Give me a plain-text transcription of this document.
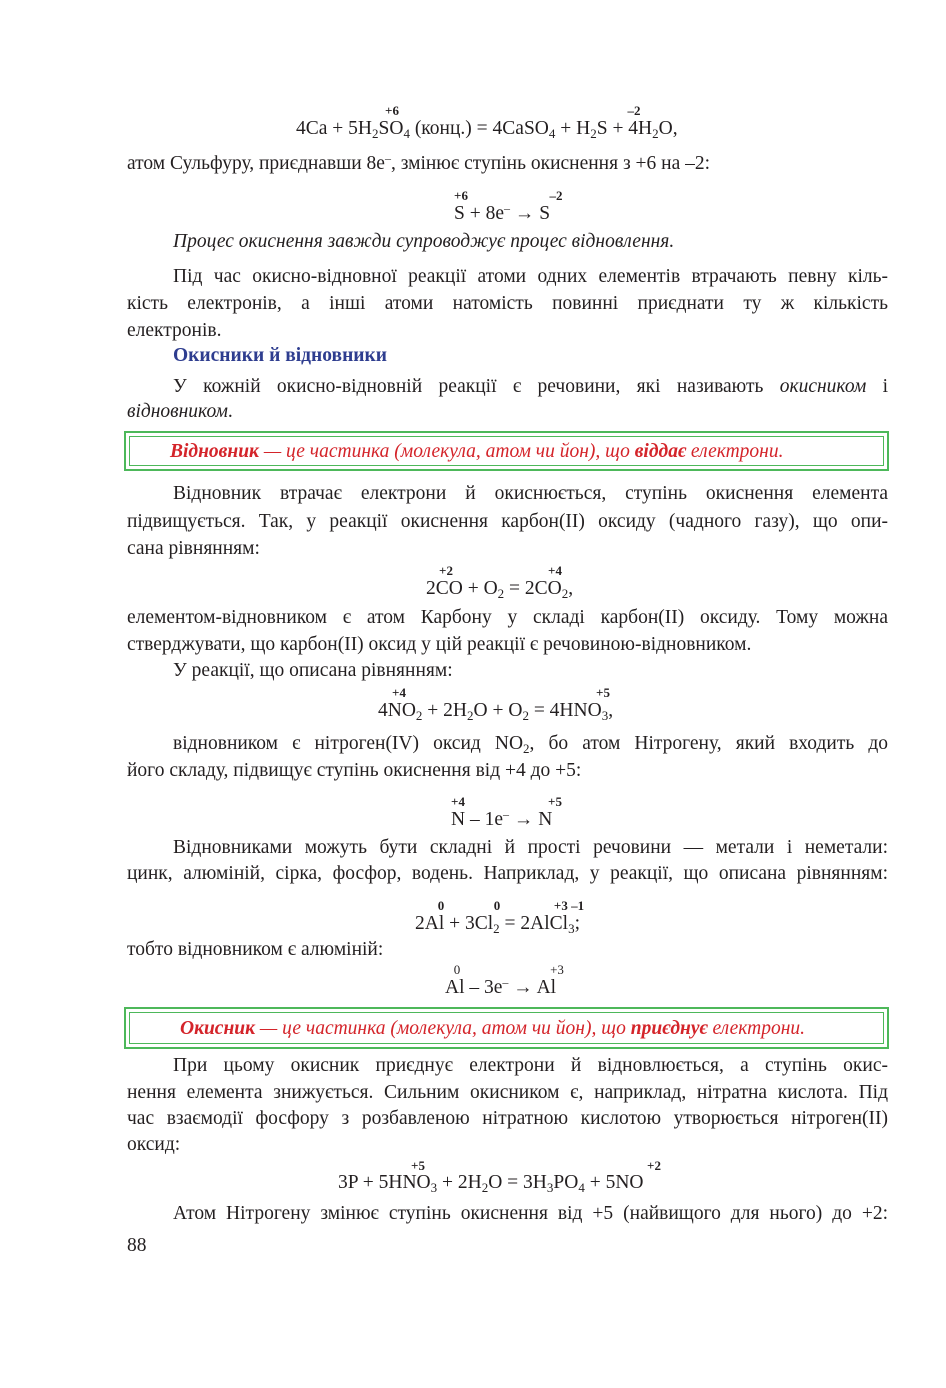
+6	–2
$4Ca + 5H_2SO_4$ (конц.) = 4CaSO$_4$ + $H_2S + 4H_2O$,
атом Сульфуру, приєднавши 8е–, змінює ступінь окиснення з +6 на –2:
+6	–2
S + 8e– → S
Процес окиснення завжди супроводжує процес відновлення.
Під час окисно-відновної реакції атоми одних елементів втрачають певну кіль-
кість електронів, а інші атоми натомість повинні приєднати ту ж кількість
електронів.
Окисники й відновники
У кожній окисно-відновній реакції є речовини, які називають окисником і
відновником.
Відновник — це частинка (молекула, атом чи йон), що віддає електрони.
Відновник втрачає електрони й окиснюється, ступінь окиснення елемента
підвищується. Так, у реакції окиснення карбон(II) оксиду (чадного газу), що опи-
сана рівнянням:
+2	+4
$2CO + O_2 = 2CO_2$,
елементом-відновником є атом Карбону у складі карбон(II) оксиду. Тому можна
стверджувати, що карбон(II) оксид у цій реакції є речовиною-відновником.
У реакції, що описана рівнянням:
+4	+5
$4NO_2 + 2H_2O + O_2 = 4HNO_3$,
відновником є нітроген(IV) оксид $NO_2$, бо атом Нітрогену, який входить до
його складу, підвищує ступінь окиснення від +4 до +5:
+4	+5
N – 1e– → N
Відновниками можуть бути складні й прості речовини — метали і неметали:
цинк, алюміній, сірка, фосфор, водень. Наприклад, у реакції, що описана рівнянням:
0	0	+3 –1
$2Al + 3Cl_2$ = 2AlCl$_3$;
тобто відновником є алюміній:
0	+3
Al – 3e– → Al
Окисник — це частинка (молекула, атом чи йон), що приєднує електрони.
При цьому окисник приєднує електрони й відновлюється, а ступінь окис-
нення елемента знижується. Сильним окисником є, наприклад, нітратна кислота. Під
час взаємодії фосфору з розбавленою нітратною кислотою утворюється нітроген(II)
оксид:
+5	+2
$3P + 5HNO_3 + 2H_2O = 3H_3PO_4 + 5NO$
Атом Нітрогену змінює ступінь окиснення від +5 (найвищого для нього) до +2:
88
